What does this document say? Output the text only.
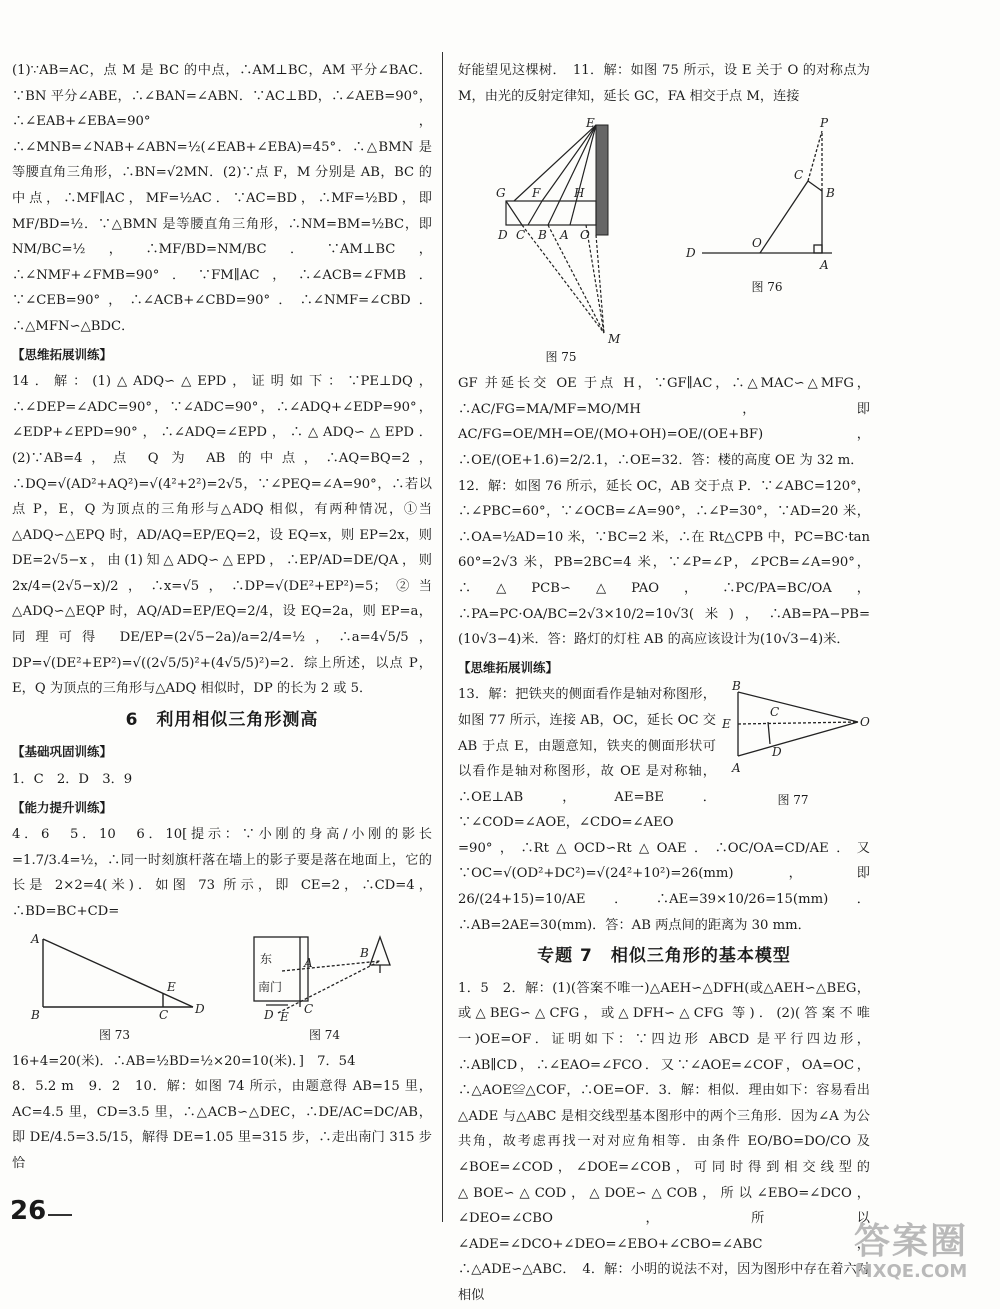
(1)∵AB=AC，点 M 是 BC 的中点，∴AM⊥BC，AM 平分∠BAC．∵BN 平分∠ABE，∴∠BAN=∠ABN．∵AC⊥BD，∴∠AEB=90°，∴∠EAB+∠EBA=90°，∴∠MNB=∠NAB+∠ABN=½(∠EAB+∠EBA)=45°．∴△BMN 是等腰直角三角形，∴BN=√2MN．(2)∵点 F，M 分别是 AB，BC 的中点，∴MF∥AC，MF=½AC．∵AC=BD，∴MF=½BD，即 MF/BD=½．∵△BMN 是等腰直角三角形，∴NM=BM=½BC，即 NM/BC=½，∴MF/BD=NM/BC．∵AM⊥BC，∴∠NMF+∠FMB=90°．∵FM∥AC，∴∠ACB=∠FMB．∵∠CEB=90°，∴∠ACB+∠CBD=90°．∴∠NMF=∠CBD．∴△MFN∽△BDC．

【 思维拓展训练 】

14．解：(1)△ADQ∽△EPD，证明如下：∵PE⊥DQ，∴∠DEP=∠ADC=90°，∵∠ADC=90°，∴∠ADQ+∠EDP=90°，∠EDP+∠EPD=90°，∴∠ADQ=∠EPD，∴△ADQ∽△EPD．(2)∵AB=4，点 Q 为 AB 的中点，∴AQ=BQ=2，∴DQ=√(AD²+AQ²)=√(4²+2²)=2√5，∵∠PEQ=∠A=90°，∴若以点 P，E，Q 为顶点的三角形与△ADQ 相似，有两种情况，①当△ADQ∽△EPQ 时，AD/AQ=EP/EQ=2，设 EQ=x，则 EP=2x，则 DE=2√5−x，由(1)知△ADQ∽△EPD，∴EP/AD=DE/QA，则 2x/4=(2√5−x)/2，∴x=√5，∴DP=√(DE²+EP²)=5；②当△ADQ∽△EQP 时，AQ/AD=EP/EQ=2/4，设 EQ=2a，则 EP=a，同理可得 DE/EP=(2√5−2a)/a=2/4=½，∴a=4√5/5，DP=√(DE²+EP²)=√((2√5/5)²+(4√5/5)²)=2．综上所述，以点 P，E，Q 为顶点的三角形与△ADQ 相似时，DP 的长为 2 或 5．

6　利用相似三角形测高
【 基础巩固训练 】

1．C　2．D　3．9

【 能力提升训练 】

4．6　5．10　6．10[提示：∵小刚的身高/小刚的影长=1.7/3.4=½，∴同一时刻旗杆落在墙上的影子要是落在地面上，它的长是 2×2=4(米)．如图 73 所示，即 CE=2，∴CD=4，∴BD=BC+CD=

A
B	C D
E
图 73
东
南门
A
B
D E
C
图 74

16+4=20(米)．∴AB=½BD=½×20=10(米)．]　7．54

8．5.2 m　9．2　10．解：如图 74 所示，由题意得 AB=15 里，AC=4.5 里，CD=3.5 里，∴△ACB∽△DEC，∴DE/AC=DC/AB，即 DE/4.5=3.5/15，解得 DE=1.05 里=315 步，∴走出南门 315 步恰

好能望见这棵树．　11．解：如图 75 所示，设 E 关于 O 的对称点为 M，由光的反射定律知，延长 GC，FA 相交于点 M，连接

E
G F	H
D C B A O
M
图 75
P
C
B
D
O
A
图 76

GF 并延长交 OE 于点 H，∵GF∥AC，∴△MAC∽△MFG，∴AC/FG=MA/MF=MO/MH，即 AC/FG=OE/MH=OE/(MO+OH)=OE/(OE+BF)，∴OE/(OE+1.6)=2/2.1，∴OE=32．答：楼的高度 OE 为 32 m．

12．解：如图 76 所示，延长 OC，AB 交于点 P．∵∠ABC=120°，∴∠PBC=60°，∵∠OCB=∠A=90°，∴∠P=30°，∵AD=20 米，∴OA=½AD=10 米，∵BC=2 米，∴在 Rt△CPB 中，PC=BC·tan 60°=2√3 米，PB=2BC=4 米，∵∠P=∠P，∠PCB=∠A=90°，∴△PCB∽△PAO，∴PC/PA=BC/OA，∴PA=PC·OA/BC=2√3×10/2=10√3(米)，∴AB=PA−PB=(10√3−4)米．答：路灯的灯柱 AB 的高应该设计为(10√3−4)米．

【 思维拓展训练 】

13．解：把铁夹的侧面看作是轴对称图形，如图 77 所示，连接 AB，OC，延长 OC 交 AB 于点 E，由题意知，铁夹的侧面形状可以看作是轴对称图形，故 OE 是对称轴，∴OE⊥AB，AE=BE．∵∠COD=∠AOE，∠CDO=∠AEO

B
E
A
C
D
O
图 77

=90°，∴Rt△OCD∽Rt△OAE．∴OC/OA=CD/AE．又∵OC=√(OD²+DC²)=√(24²+10²)=26(mm)，即 26/(24+15)=10/AE．∴AE=39×10/26=15(mm)．∴AB=2AE=30(mm)．答：AB 两点间的距离为 30 mm．

专题 7　相似三角形的基本模型

1．5　2．解：(1)(答案不唯一)△AEH∽△DFH(或△AEH∽△BEG，或△BEG∽△CFG，或△DFH∽△CFG 等)．(2)(答案不唯一)OE=OF．证明如下：∵四边形 ABCD 是平行四边形，∴AB∥CD，∴∠EAO=∠FCO．又∵∠AOE=∠COF，OA=OC，∴△AOE≌△COF，∴OE=OF．3．解：相似．理由如下：容易看出△ADE 与△ABC 是相交线型基本图形中的两个三角形．因为∠A 为公共角，故考虑再找一对对应角相等．由条件 EO/BO=DO/CO 及∠BOE=∠COD，∠DOE=∠COB，可同时得到相交线型的△BOE∽△COD，△DOE∽△COB，所以∠EBO=∠DCO，∠DEO=∠CBO，所以∠ADE=∠DCO+∠DEO=∠EBO+∠CBO=∠ABC，∴△ADE∽△ABC．　4．解：小明的说法不对，因为图形中存在着六对相似

26
答案圈
MXQE.COM
